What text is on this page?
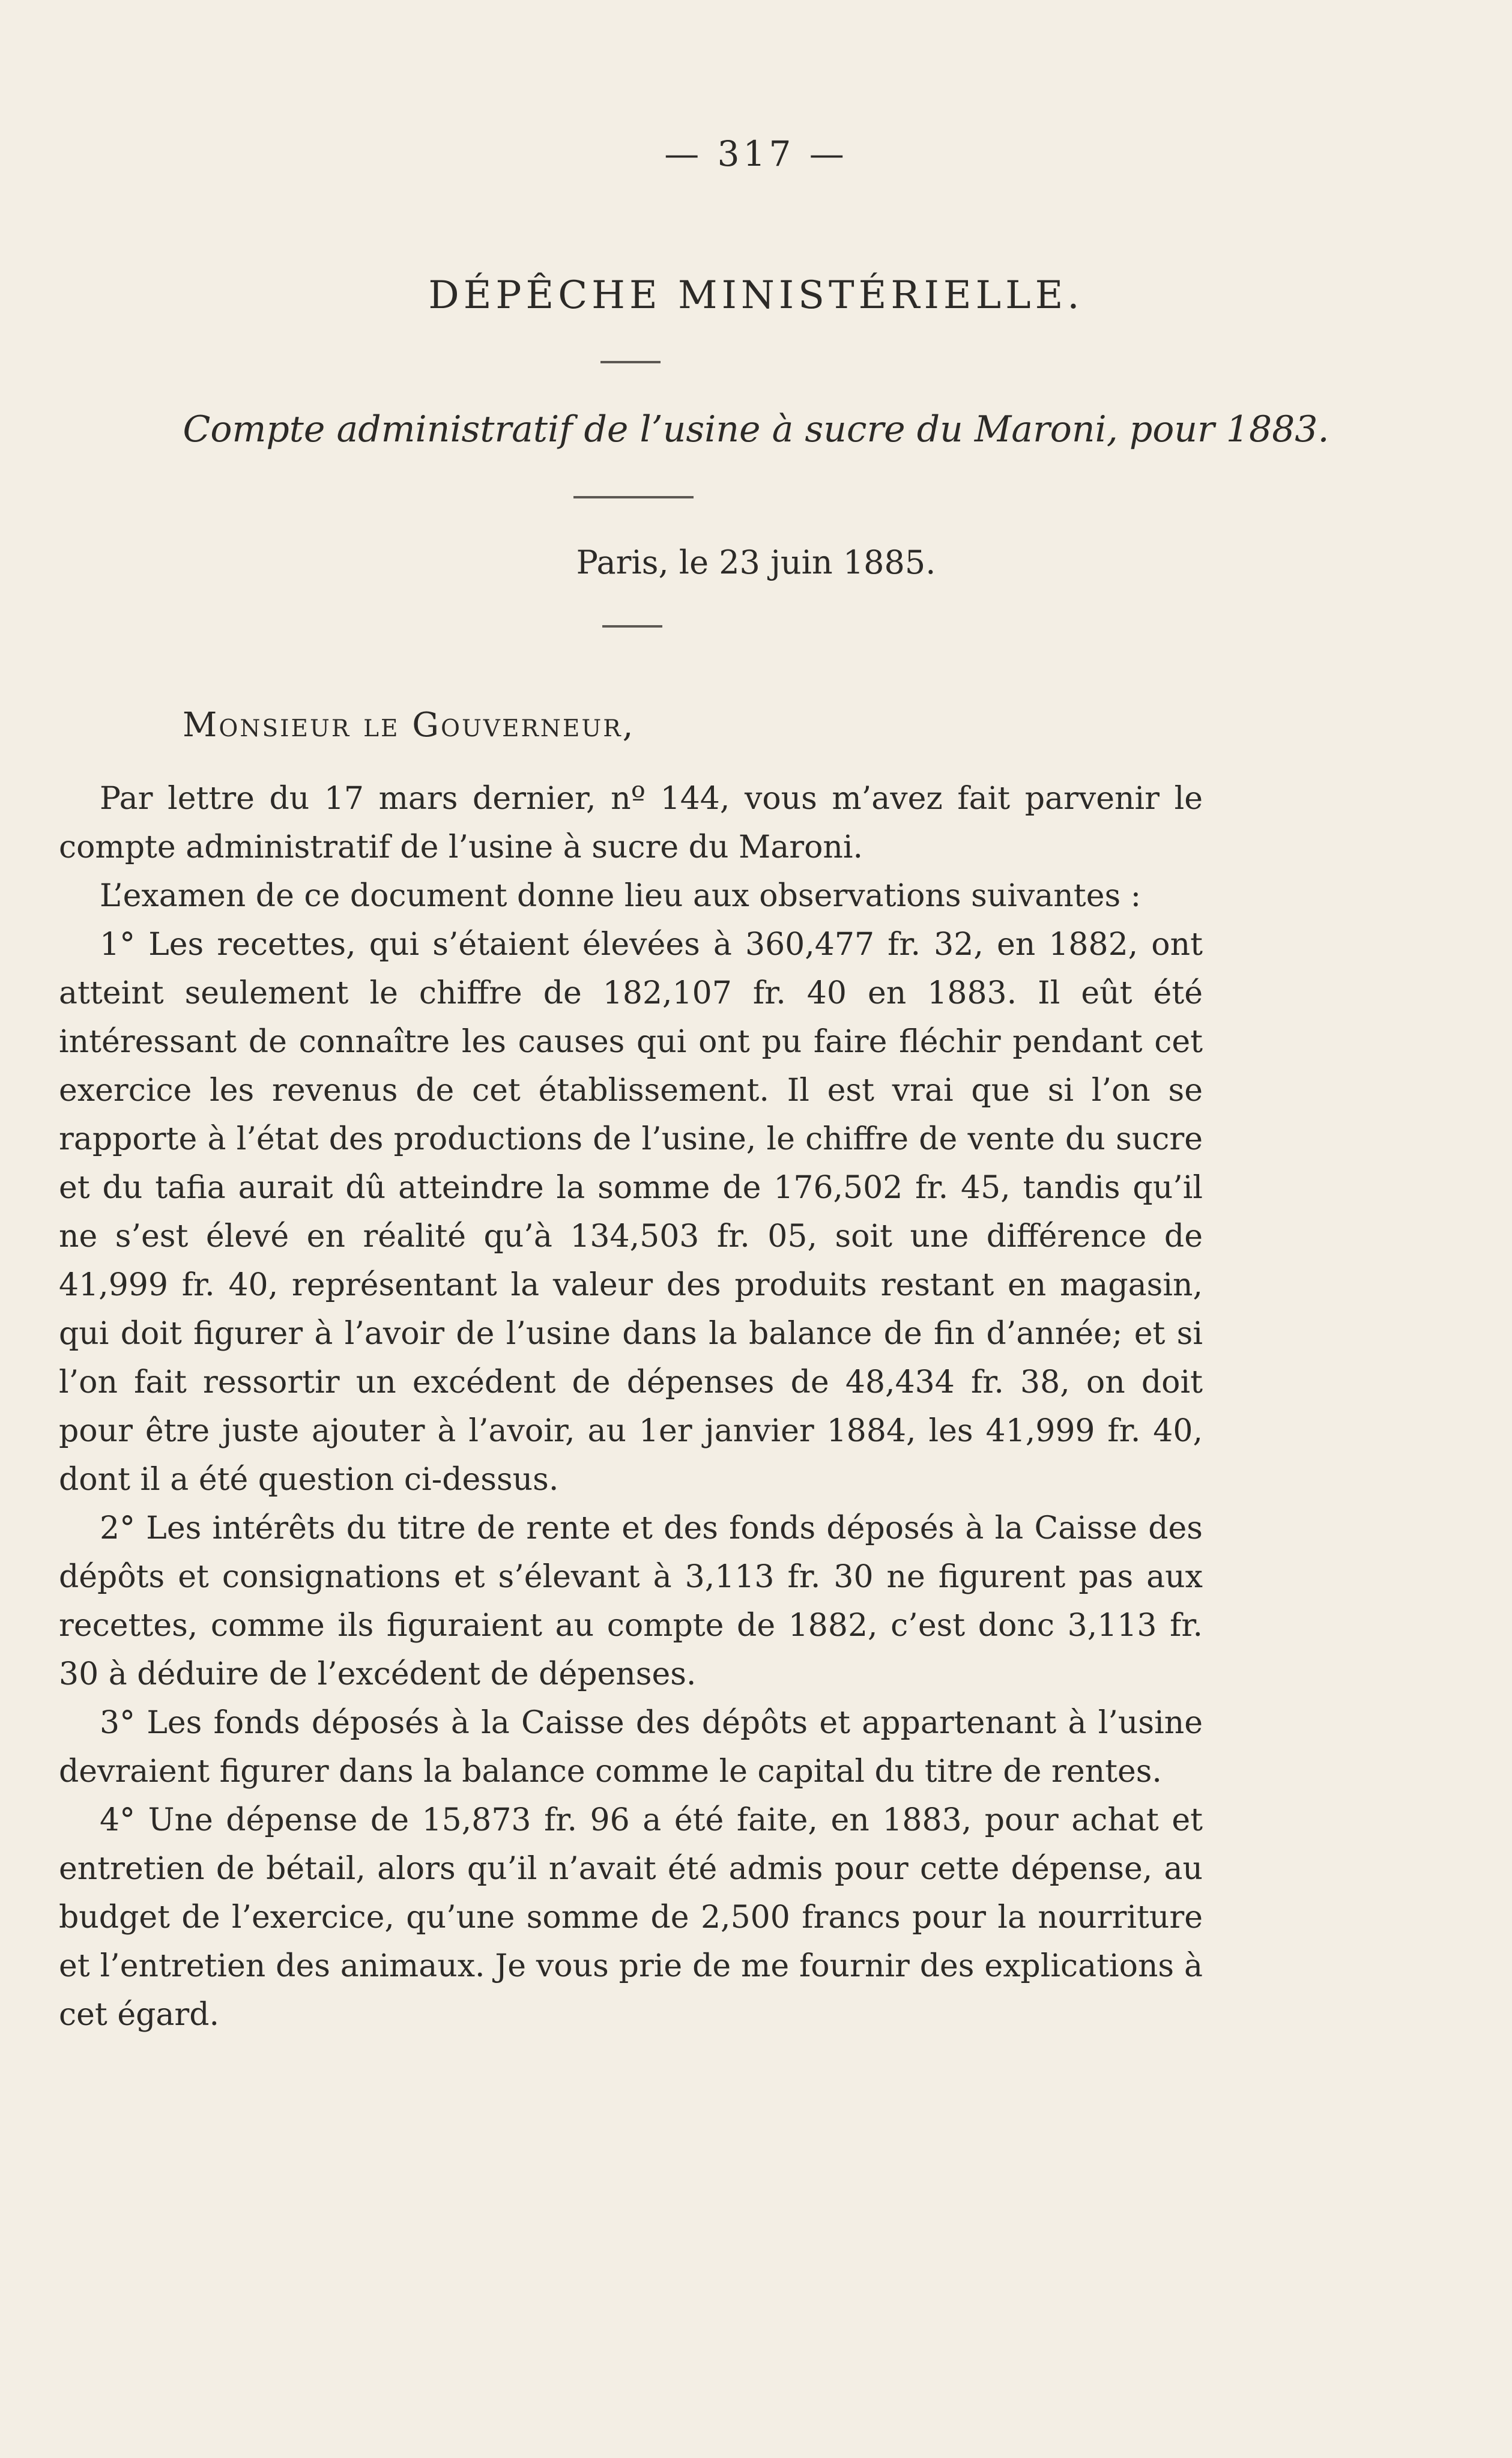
— 317 —
DÉPÊCHE MINISTÉRIELLE.
Compte administratif de l’usine à sucre du Maroni, pour 1883.
Paris, le 23 juin 1885.
Monsieur le Gouverneur,

Par lettre du 17 mars dernier, nº 144, vous m’avez fait parvenir le compte administratif de l’usine à sucre du Maroni.

L’examen de ce document donne lieu aux observations suivantes :

1° Les recettes, qui s’étaient élevées à 360,477 fr. 32, en 1882, ont atteint seulement le chiffre de 182,107 fr. 40 en 1883. Il eût été intéressant de connaître les causes qui ont pu faire fléchir pendant cet exercice les revenus de cet établissement. Il est vrai que si l’on se rapporte à l’état des productions de l’usine, le chiffre de vente du sucre et du tafia aurait dû atteindre la somme de 176,502 fr. 45, tandis qu’il ne s’est élevé en réalité qu’à 134,503 fr. 05, soit une différence de 41,999 fr. 40, représentant la valeur des produits restant en magasin, qui doit figurer à l’avoir de l’usine dans la balance de fin d’année; et si l’on fait ressortir un excédent de dépenses de 48,434 fr. 38, on doit pour être juste ajouter à l’avoir, au 1er janvier 1884, les 41,999 fr. 40, dont il a été question ci-dessus.

2° Les intérêts du titre de rente et des fonds déposés à la Caisse des dépôts et consignations et s’élevant à 3,113 fr. 30 ne figurent pas aux recettes, comme ils figuraient au compte de 1882, c’est donc 3,113 fr. 30 à déduire de l’excédent de dépenses.

3° Les fonds déposés à la Caisse des dépôts et appartenant à l’usine devraient figurer dans la balance comme le capital du titre de rentes.

4° Une dépense de 15,873 fr. 96 a été faite, en 1883, pour achat et entretien de bétail, alors qu’il n’avait été admis pour cette dépense, au budget de l’exercice, qu’une somme de 2,500 francs pour la nourriture et l’entretien des animaux. Je vous prie de me fournir des explications à cet égard.
